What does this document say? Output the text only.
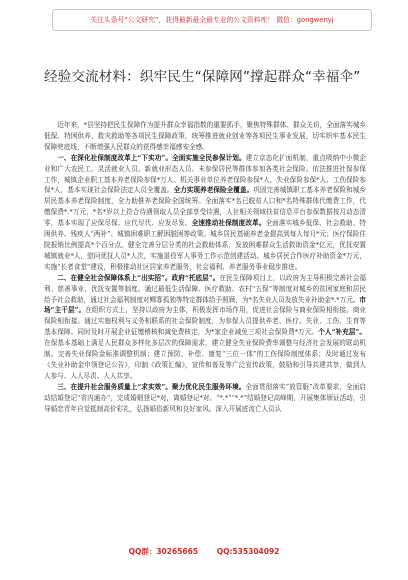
关注头条号“公文研究”，获得最新最全最专业的公文资料库！ 微信：gongwenyj
经验交流材料：织牢民生“保障网”撑起群众“幸福伞”

近年来，*县坚持把民生保障作为提升群众幸福指数的重要抓手，聚焦特殊群体、群众关切，全面落实城乡低保、特困供养、救灾救助等各项民生保障政策，统筹推进就业创业等各项民生事业发展，切实织牢基本民生保障兜底线，不断增强人民群众的获得感幸福感安全感。

一、在深化社保制度改革上“下实功”。全面实施全民参保计划。建立京态化扩面机制，重点吸纳中小微企业和广大农民工、灵活就业人员、新就业形态人员、未参保居民等群体参加各类社会保险。依法推进社保参保工作，城镇企业职工基本养老保险参保*万人、机关事业单位养老保险参保*人，失业保险参保*人、工伤保险参保*人，基本实现社会保险法定人员全覆盖。全力实现养老保险全覆盖。巩固完善城镇职工基本养老保险和城乡居民基本养老保险制度，全力助推养老保险全国统筹。全面落实*名已脱贫人口和*名特殊群体代缴费工作，代缴保费*.*万元，*名*岁以上符合待遇领取人员全部享受待遇，人社相关领域扶贫信息平台参保数据按月动态清零，基本实现了应保尽保、应代尽代、应发尽发。全速推动社保制度改革。全面落实城乡低保、社会救助、特困供养、残疾人“两补”、城镇困难职工解困脱困等政策。城乡居民基础养老金提高到每人每月*元；医疗保险住院报销比例提高*个百分点。健全完善分层分类的社会救助体系，发放困难群众生活救助资金*亿元，优抚安置城镇就业*人，慰问优抚人员*人次，实施退役军人事务工作示范创建活动。城乡居民合作医疗补助资金*万元，实施“长者食堂”建设，积极推动社区居家养老服务，社会福利、养老服务事业稳步推进。

二、在健全社会保障体系上“出实招”。政府“托底层”。在民生保障项目上，以政府为主导积极完善社会福利、慈善事业、优抚安置等制度。通过最低生活保障、医疗救助、农村“五保”等制度对城乡的贫困家庭和居民给予社会救助，通过社会福利制度对鳏寡孤独等特定群体给予照顾，为*名失业人员发放失业补助金*.*万元。市场“主干层”。在组织方式上，坚持以政府为主体，积极发挥市场作用，促进社会保险与商业保险相衔接。商业保险相衔接。通过实施权利与义务相联系的社会保险制度，为参保人员提供养老、医疗、失业、工伤、生育等基本保障。同时及时开展企业征缴稽核和减免费核定，为*家企业减免三项社会保险费*万元。个人“补充层”。在保基本基础上满足人民群众多样化多层次的保障需求，建立健全失业保险费率调整与经济社会发展的联动机制。完善失业保险金标准调整机制；建立预防、补偿、康复“三位一体”的工伤保险制度体系；及时通过发布《失业补助金申领登记公告》，印制《政策汇编》，宣传和普及等广泛宣传政策，鼓励和引导共建共享，做到人人参与、人人尽责、人人共享。

三、在提升社会服务质量上“求实效”。聚力优化民生服务环境。全面贯彻落实“放管服”改革要求，全面启动结婚登记“省内通办”，完成婚姻登记*对，离婚登记*对。“*.*”“*.*”结婚登记高峰期，开展集体颁证活动，引导婚恋青年自觉抵制高价彩礼，弘扬婚俗新风和良好家风。深入开展底流亡人员认

QQ群：30265665 QQ:535304092
